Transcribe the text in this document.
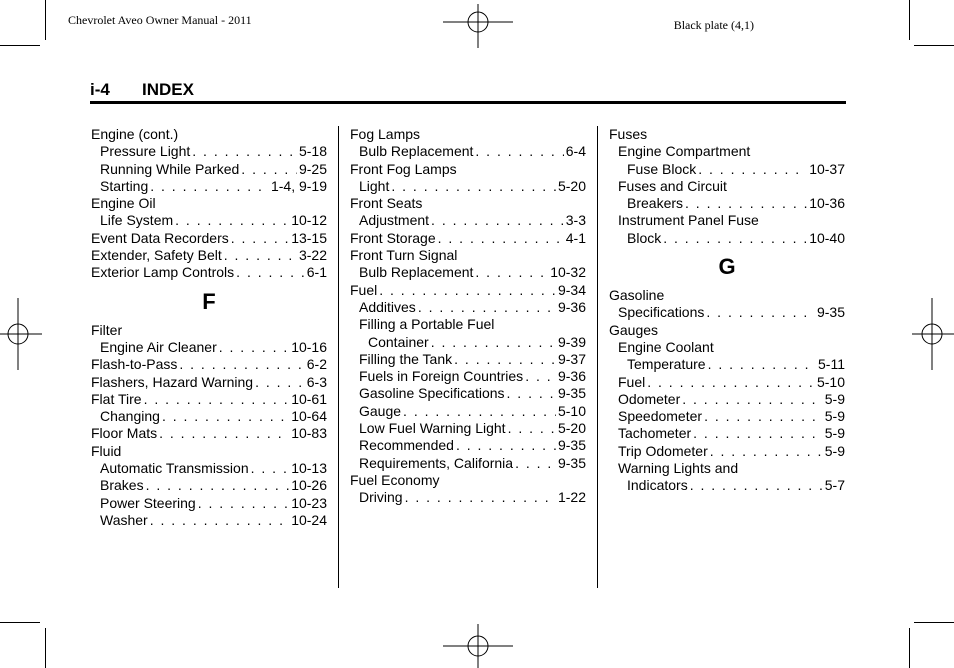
Chevrolet Aveo Owner Manual - 2011	Black plate (4,1)
i-4 INDEX
Engine (cont.)
Pressure Light . . .	5-18
Running While Parked . . .	9-25
Starting . . .	1-4, 9-19
Engine Oil
Life System . . .	10-12
Event Data Recorders . . .	13-15
Extender, Safety Belt . . .	3-22
Exterior Lamp Controls . . .	6-1
F
Filter
Engine Air Cleaner . . .	10-16
Flash-to-Pass . . .	6-2
Flashers, Hazard Warning . . .	6-3
Flat Tire . . .	10-61
Changing . . .	10-64
Floor Mats . . .	10-83
Fluid
Automatic Transmission . . .	10-13
Brakes . . .	10-26
Power Steering . . .	10-23
Washer . . .	10-24
Fog Lamps
Bulb Replacement . . .	6-4
Front Fog Lamps
Light . . .	5-20
Front Seats
Adjustment . . .	3-3
Front Storage . . .	4-1
Front Turn Signal
Bulb Replacement . . .	10-32
Fuel . . .	9-34
Additives . . .	9-36
Filling a Portable Fuel
Container . . .	9-39
Filling the Tank . . .	9-37
Fuels in Foreign Countries . . . 9-36
Gasoline Specifications . . .	9-35
Gauge . . .	5-10
Low Fuel Warning Light . . .	5-20
Recommended . . .	9-35
Requirements, California . . .	9-35
Fuel Economy
Driving . . .	1-22
Fuses
Engine Compartment
Fuse Block . . .	10-37
Fuses and Circuit
Breakers . . .	10-36
Instrument Panel Fuse
Block . . .	10-40
G
Gasoline
Specifications . . .	9-35
Gauges
Engine Coolant
Temperature . . .	5-11
Fuel . . .	5-10
Odometer . . .	5-9
Speedometer . . .	5-9
Tachometer . . .	5-9
Trip Odometer . . .	5-9
Warning Lights and
Indicators . . .	5-7
